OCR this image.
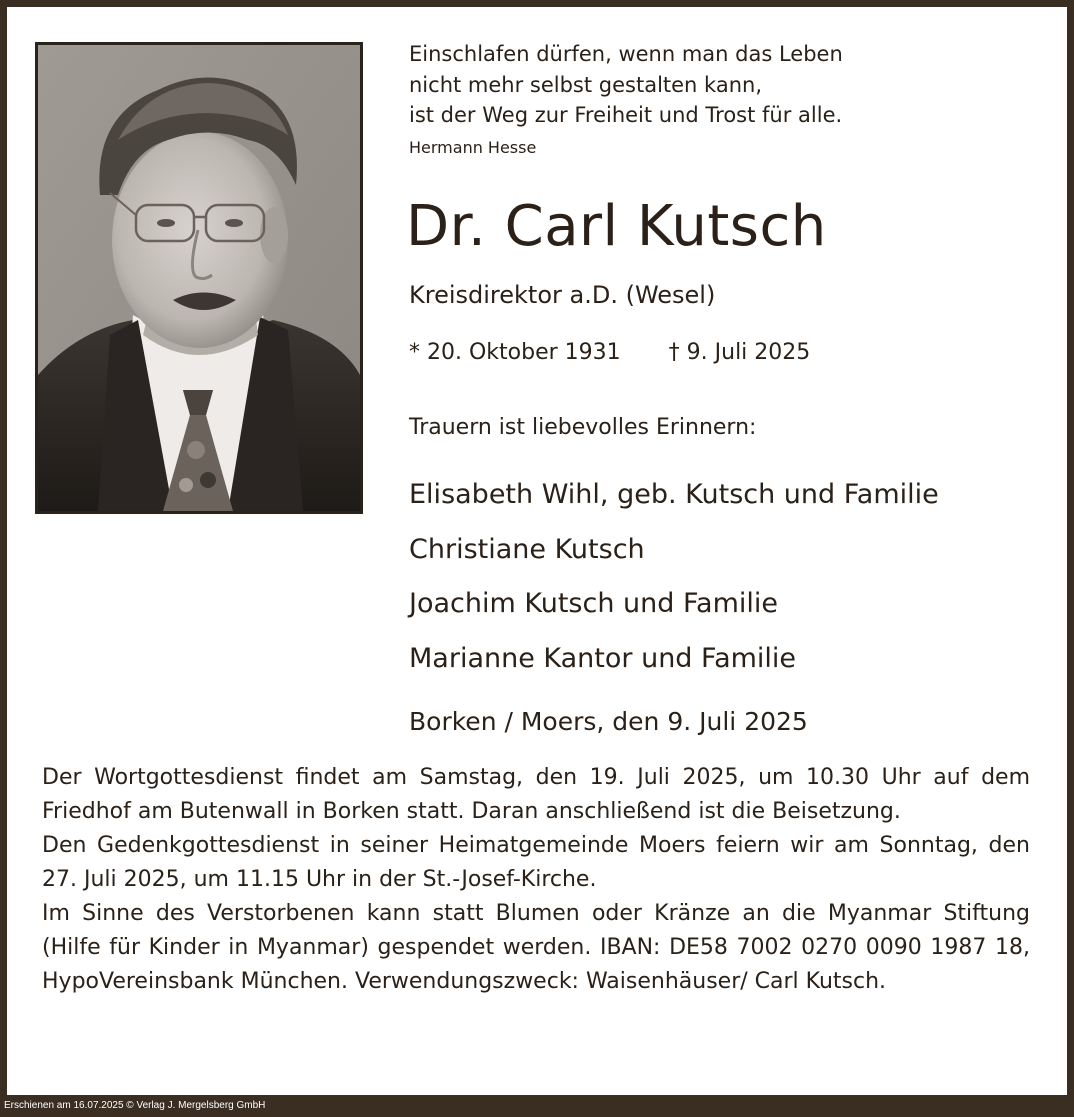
Einschlafen dürfen, wenn man das Leben
nicht mehr selbst gestalten kann,
ist der Weg zur Freiheit und Trost für alle.
Hermann Hesse
Dr. Carl Kutsch
Kreisdirektor a.D. (Wesel)
* 20. Oktober 1931 † 9. Juli 2025
Trauern ist liebevolles Erinnern:
Elisabeth Wihl, geb. Kutsch und Familie
Christiane Kutsch
Joachim Kutsch und Familie
Marianne Kantor und Familie
Borken / Moers, den 9. Juli 2025

Der Wortgottesdienst findet am Samstag, den 19. Juli 2025, um 10.30 Uhr auf dem Friedhof am Butenwall in Borken statt. Daran anschließend ist die Beisetzung.

Den Gedenkgottesdienst in seiner Heimatgemeinde Moers feiern wir am Sonntag, den 27. Juli 2025, um 11.15 Uhr in der St.-Josef-Kirche.

Im Sinne des Verstorbenen kann statt Blumen oder Kränze an die Myanmar Stiftung (Hilfe für Kinder in Myanmar) gespendet werden. IBAN: DE58 7002 0270 0090 1987 18, HypoVereinsbank München. Verwendungszweck: Waisenhäuser/ Carl Kutsch.

Erschienen am 16.07.2025 © Verlag J. Mergelsberg GmbH
